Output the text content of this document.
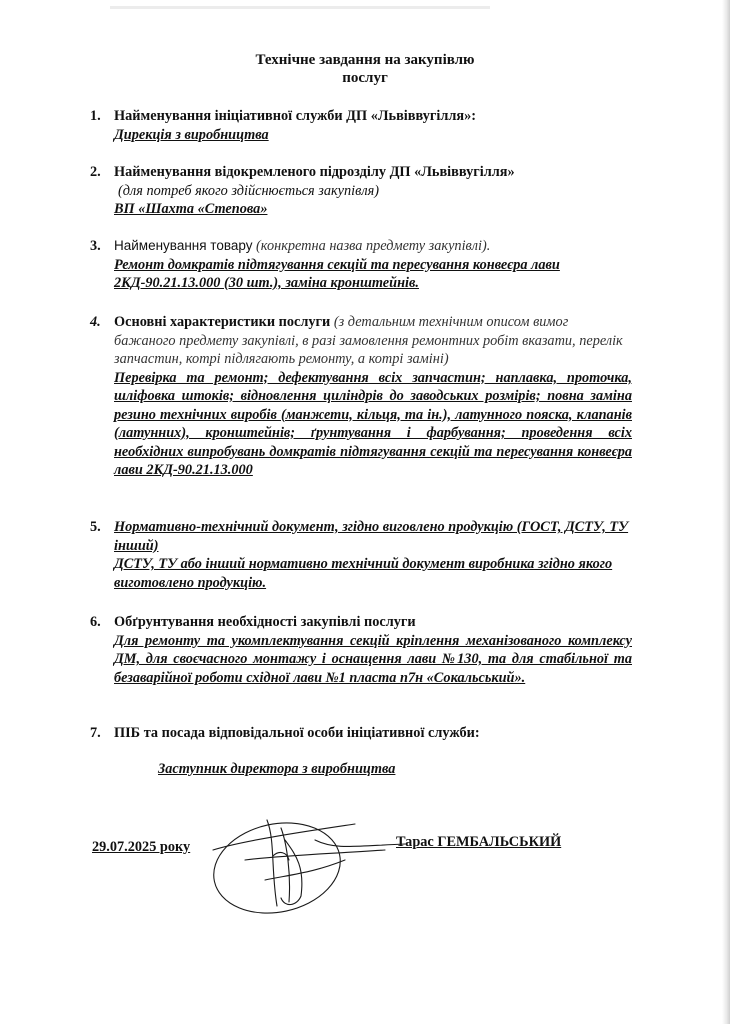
Технічне завдання на закупівлю
послуг
1. Найменування ініціативної служби ДП «Львіввугілля»:
Дирекція з виробництва
2. Найменування відокремленого підрозділу ДП «Львіввугілля»
(для потреб якого здійснюється закупівля)
ВП «Шахта «Степова»
3. Найменування товару (конкретна назва предмету закупівлі).
Ремонт домкратів підтягування секцій та пересування конвеєра лави 2КД-90.21.13.000 (30 шт.), заміна кронштейнів.
4. Основні характеристики послуги (з детальним технічним описом вимог бажаного предмету закупівлі, в разі замовлення ремонтних робіт вказати, перелік запчастин, котрі підлягають ремонту, а котрі заміні)
Перевірка та ремонт; дефектування всіх запчастин; наплавка, проточка, шліфовка штоків; відновлення циліндрів до заводських розмірів; повна заміна резино технічних виробів (манжети, кільця, та ін.), латунного пояска, клапанів (латунних), кронштейнів; ґрунтування і фарбування; проведення всіх необхідних випробувань домкратів підтягування секцій та пересування конвеєра лави 2КД-90.21.13.000
5. Нормативно-технічний документ, згідно виговлено продукцію (ГОСТ, ДСТУ, ТУ інший)
ДСТУ, ТУ або інший нормативно технічний документ виробника згідно якого виготовлено продукцію.
6. Обґрунтування необхідності закупівлі послуги
Для ремонту та укомплектування секцій кріплення механізованого комплексу ДМ, для своєчасного монтажу і оснащення лави №130, та для стабільної та безаварійної роботи східної лави №1 пласта п7н «Сокальський».
7. ПІБ та посада відповідальної особи ініціативної служби:
Заступник директора з виробництва
29.07.2025 року	Тарас ГЕМБАЛЬСЬКИЙ
